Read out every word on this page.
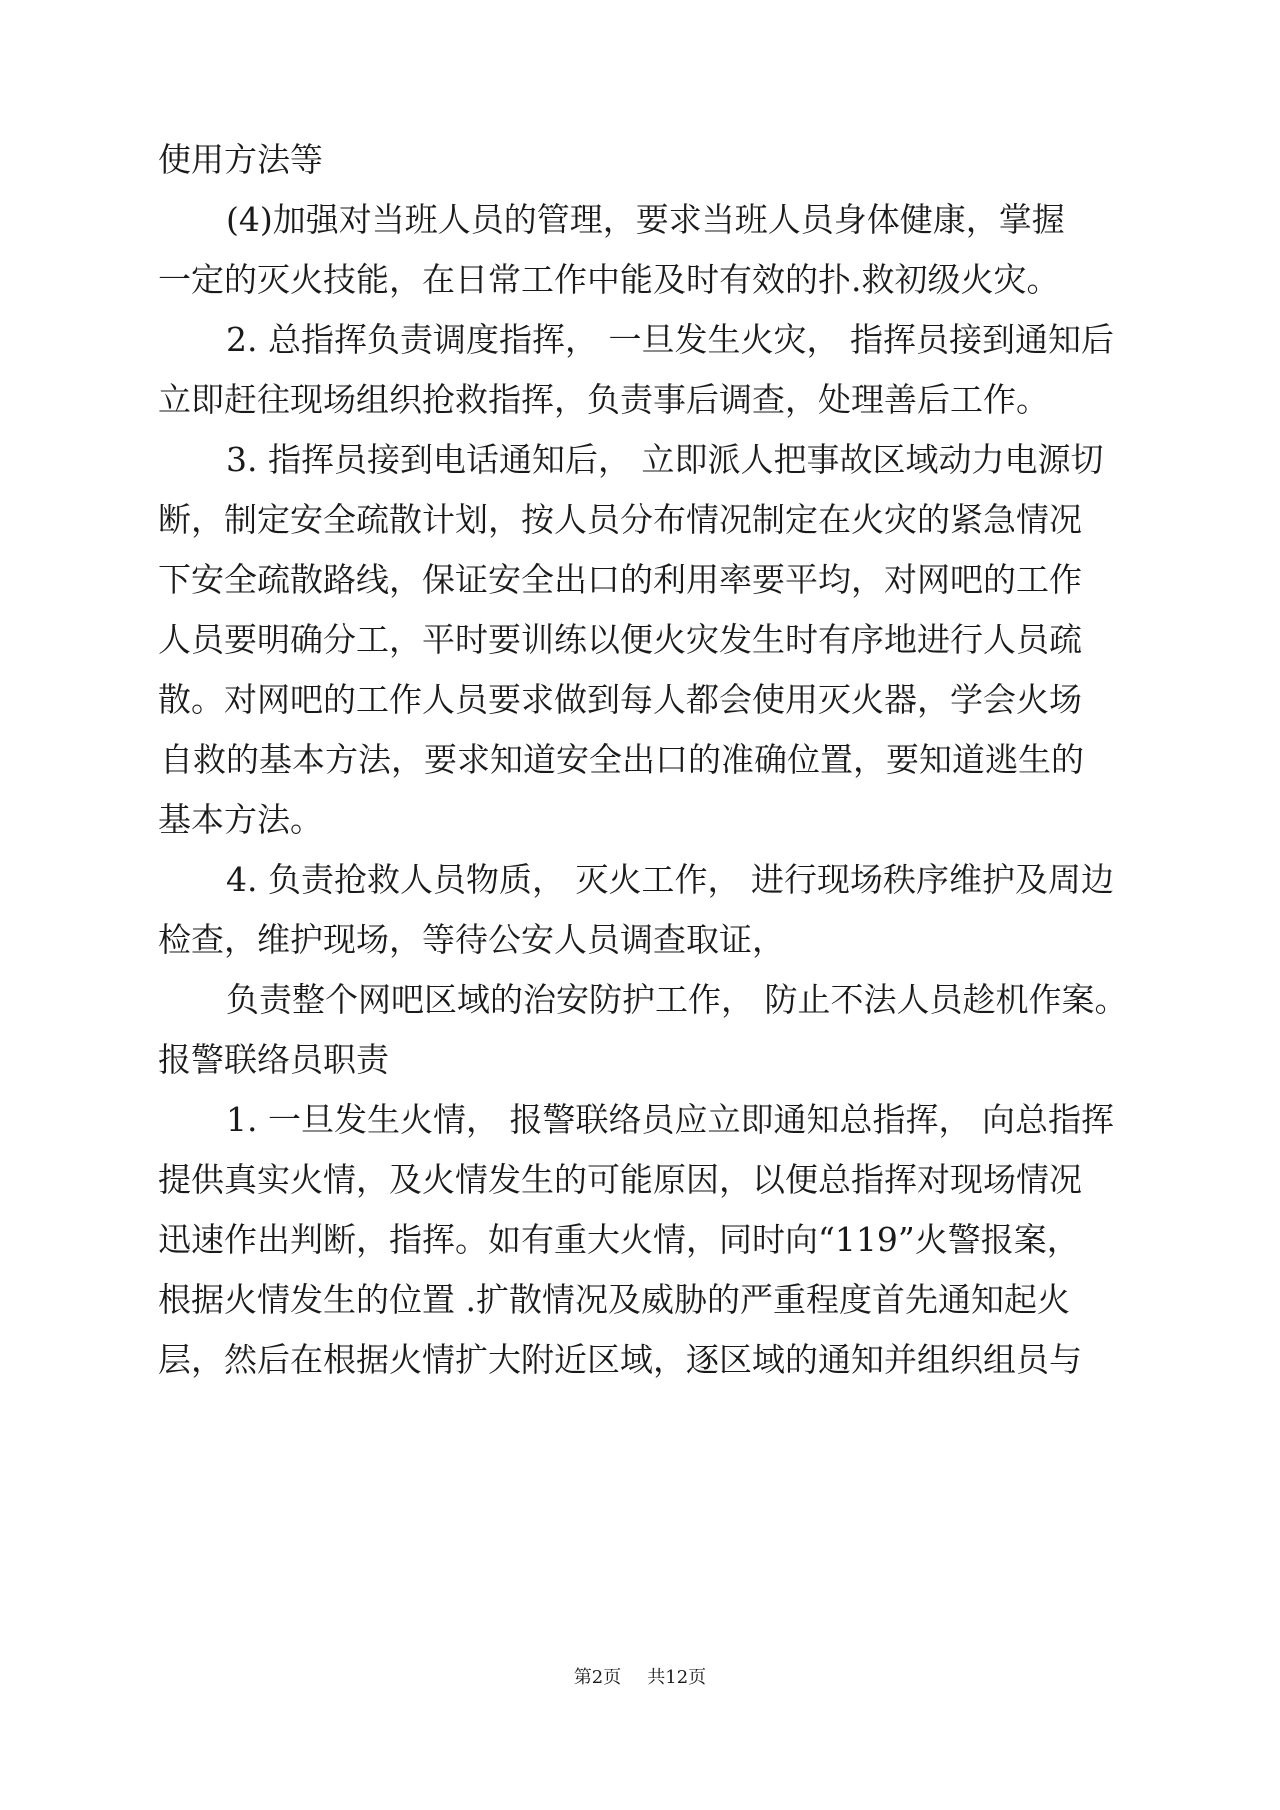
使用方法等
(4)加强对当班人员的管理，要求当班人员身体健康，掌握
一定的灭火技能，在日常工作中能及时有效的扑.救初级火灾。
2. 总指挥负责调度指挥， 一旦发生火灾， 指挥员接到通知后
立即赶往现场组织抢救指挥，负责事后调查，处理善后工作。
3. 指挥员接到电话通知后， 立即派人把事故区域动力电源切
断，制定安全疏散计划，按人员分布情况制定在火灾的紧急情况
下安全疏散路线，保证安全出口的利用率要平均，对网吧的工作
人员要明确分工，平时要训练以便火灾发生时有序地进行人员疏
散。对网吧的工作人员要求做到每人都会使用灭火器，学会火场
自救的基本方法，要求知道安全出口的准确位置，要知道逃生的
基本方法。
4. 负责抢救人员物质， 灭火工作， 进行现场秩序维护及周边
检查，维护现场，等待公安人员调查取证，
负责整个网吧区域的治安防护工作， 防止不法人员趁机作案。
报警联络员职责
1. 一旦发生火情， 报警联络员应立即通知总指挥， 向总指挥
提供真实火情，及火情发生的可能原因，以便总指挥对现场情况
迅速作出判断，指挥。如有重大火情，同时向“119”火警报案，
根据火情发生的位置 .扩散情况及威胁的严重程度首先通知起火
层，然后在根据火情扩大附近区域，逐区域的通知并组织组员与
第2页 共12页
